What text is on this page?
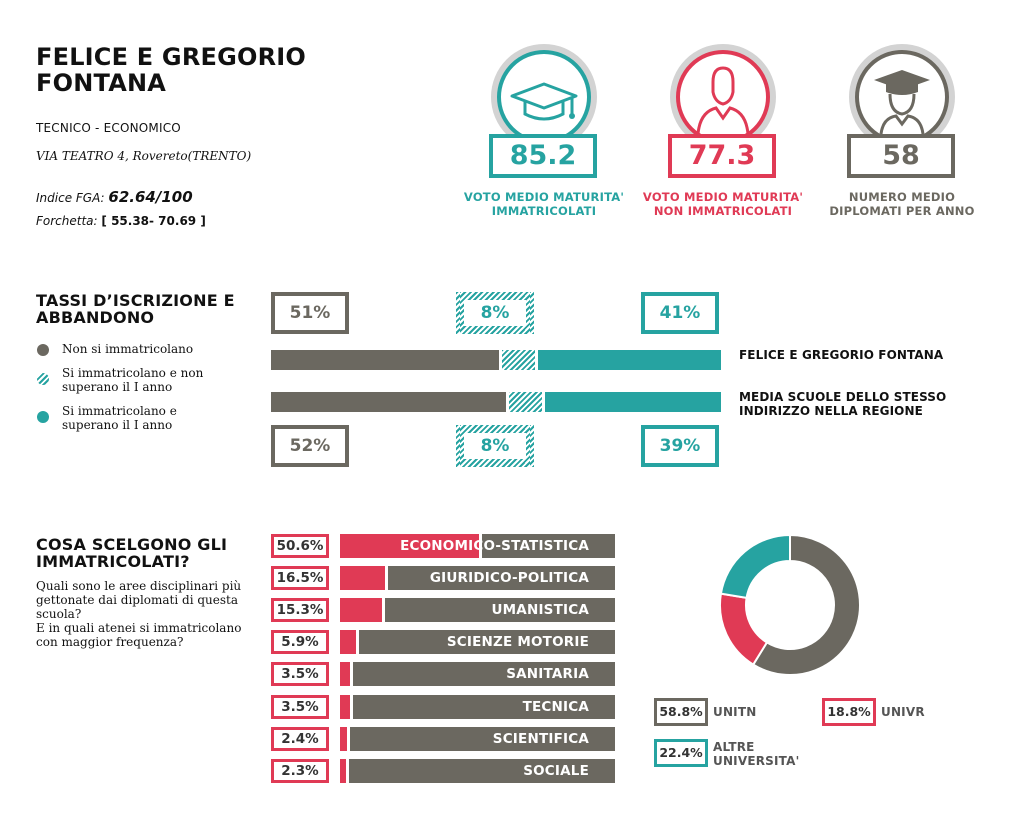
FELICE E GREGORIO FONTANA
TECNICO - ECONOMICO
VIA TEATRO 4, Rovereto(TRENTO)
Indice FGA: 62.64/100
Forchetta: [ 55.38- 70.69 ]
85.2
VOTO MEDIO MATURITA'
IMMATRICOLATI
77.3
VOTO MEDIO MATURITA'
NON IMMATRICOLATI
58
NUMERO MEDIO
DIPLOMATI PER ANNO
TASSI D’ISCRIZIONE E ABBANDONO
Non si immatricolano
Si immatricolano e non superano il I anno
Si immatricolano e superano il I anno
51%	8%	41%
FELICE E GREGORIO FONTANA
52%	8%	39%
MEDIA SCUOLE DELLO STESSO INDIRIZZO NELLA REGIONE
COSA SCELGONO GLI IMMATRICOLATI?
Quali sono le aree disciplinari più gettonate dai diplomati di questa scuola?
E in quali atenei si immatricolano con maggior frequenza?
50.6%	ECONOMICO-STATISTICA
16.5%	GIURIDICO-POLITICA
15.3%	UMANISTICA
5.9%	SCIENZE MOTORIE
3.5%	SANITARIA
3.5%	TECNICA
2.4%	SCIENTIFICA
2.3%	SOCIALE
58.8% UNITN	18.8% UNIVR
22.4% ALTRE UNIVERSITA'
